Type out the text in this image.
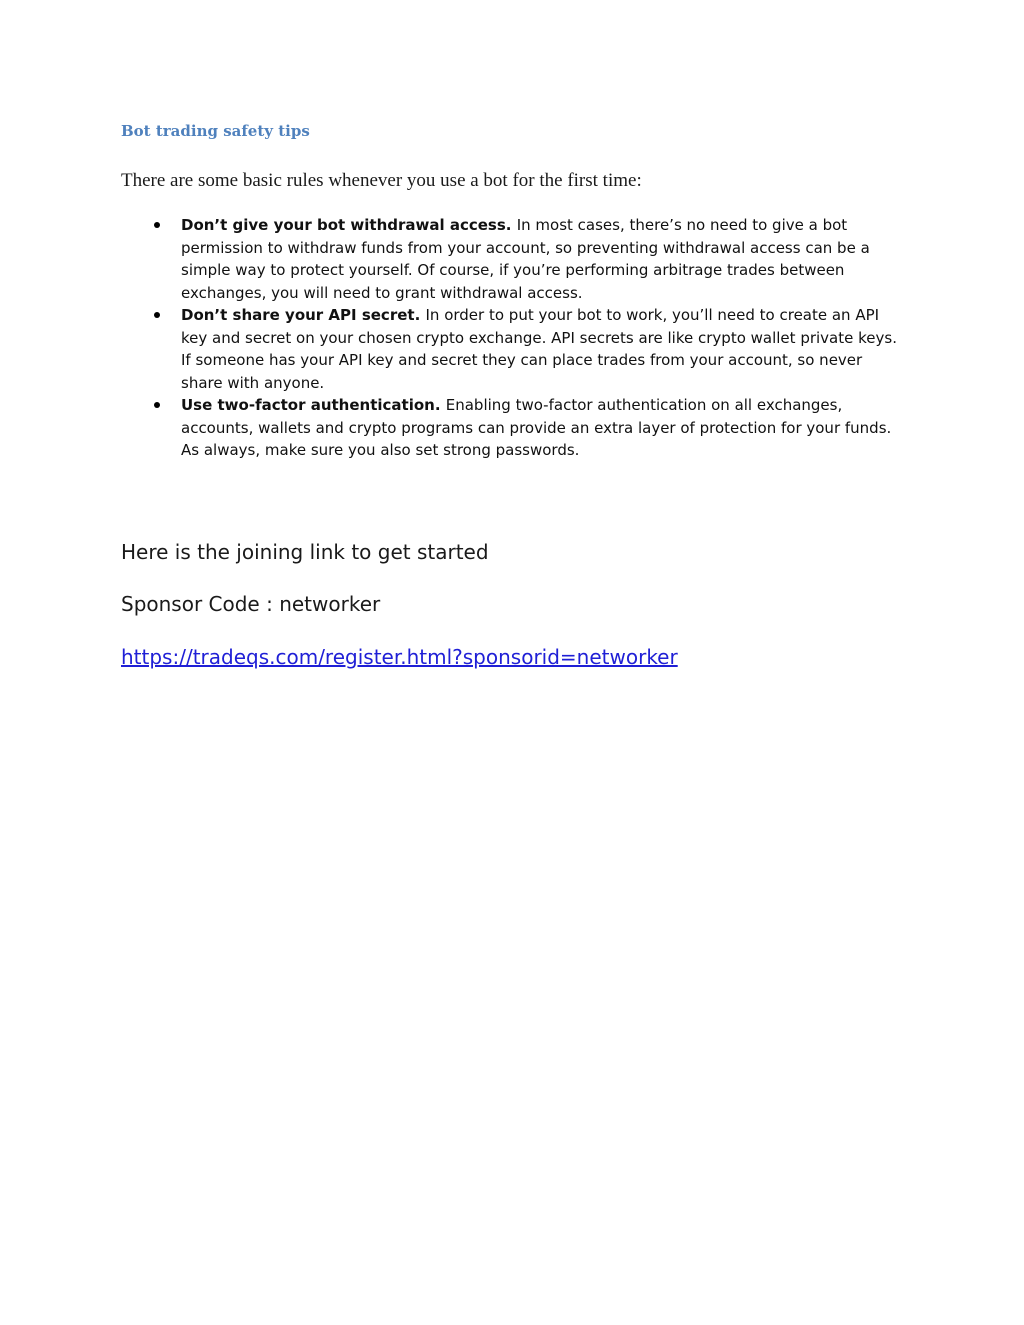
Bot trading safety tips

There are some basic rules whenever you use a bot for the first time:

Don’t give your bot withdrawal access. In most cases, there’s no need to give a bot permission to withdraw funds from your account, so preventing withdrawal access can be a simple way to protect yourself. Of course, if you’re performing arbitrage trades between exchanges, you will need to grant withdrawal access.
Don’t share your API secret. In order to put your bot to work, you’ll need to create an API key and secret on your chosen crypto exchange. API secrets are like crypto wallet private keys. If someone has your API key and secret they can place trades from your account, so never share with anyone.
Use two-factor authentication. Enabling two-factor authentication on all exchanges, accounts, wallets and crypto programs can provide an extra layer of protection for your funds. As always, make sure you also set strong passwords.

Here is the joining link to get started

Sponsor Code : networker

https://tradeqs.com/register.html?sponsorid=networker
